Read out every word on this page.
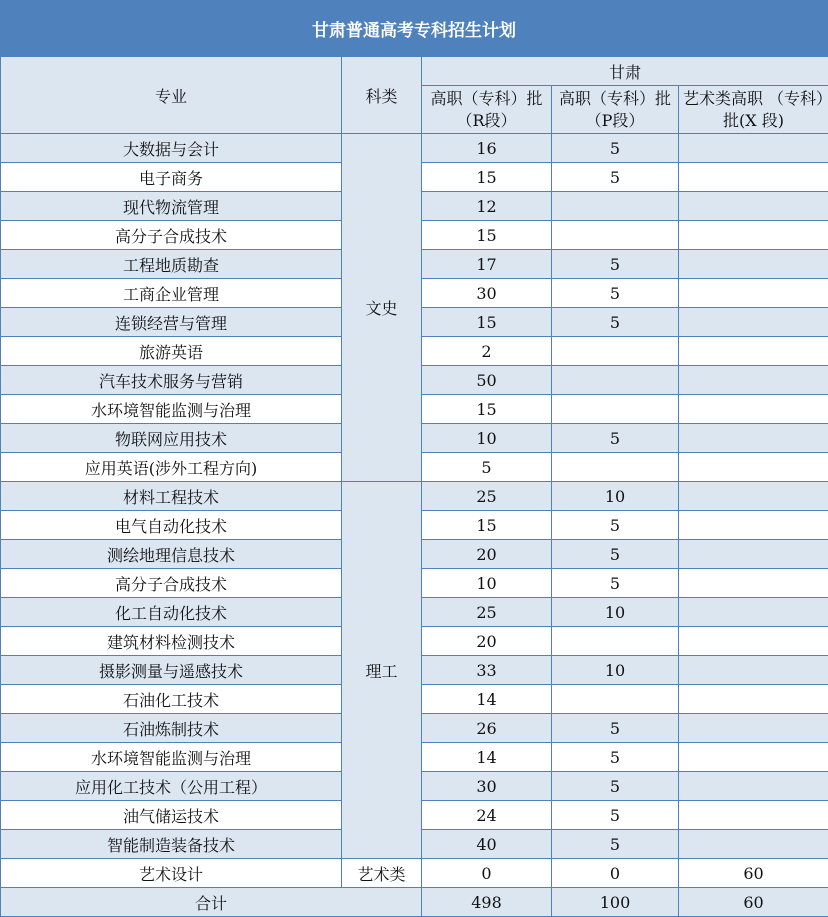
甘肃普通高考专科招生计划
专业	科类	甘肃		
		高职（专科）批（R段）	高职（专科）批（P段）	艺术类高职 （专科）批(X 段)
大数据与会计	文史	16	5	
电子商务		15	5	
现代物流管理		12		
高分子合成技术		15		
工程地质勘查		17	5	
工商企业管理		30	5	
连锁经营与管理		15	5	
旅游英语		2		
汽车技术服务与营销		50		
水环境智能监测与治理		15		
物联网应用技术		10	5	
应用英语(涉外工程方向)		5		
材料工程技术	理工	25	10	
电气自动化技术		15	5	
测绘地理信息技术		20	5	
高分子合成技术		10	5	
化工自动化技术		25	10	
建筑材料检测技术		20		
摄影测量与遥感技术		33	10	
石油化工技术		14		
石油炼制技术		26	5	
水环境智能监测与治理		14	5	
应用化工技术（公用工程）		30	5	
油气储运技术		24	5	
智能制造装备技术		40	5	
艺术设计	艺术类	0	0	60
合计		498	100	60
